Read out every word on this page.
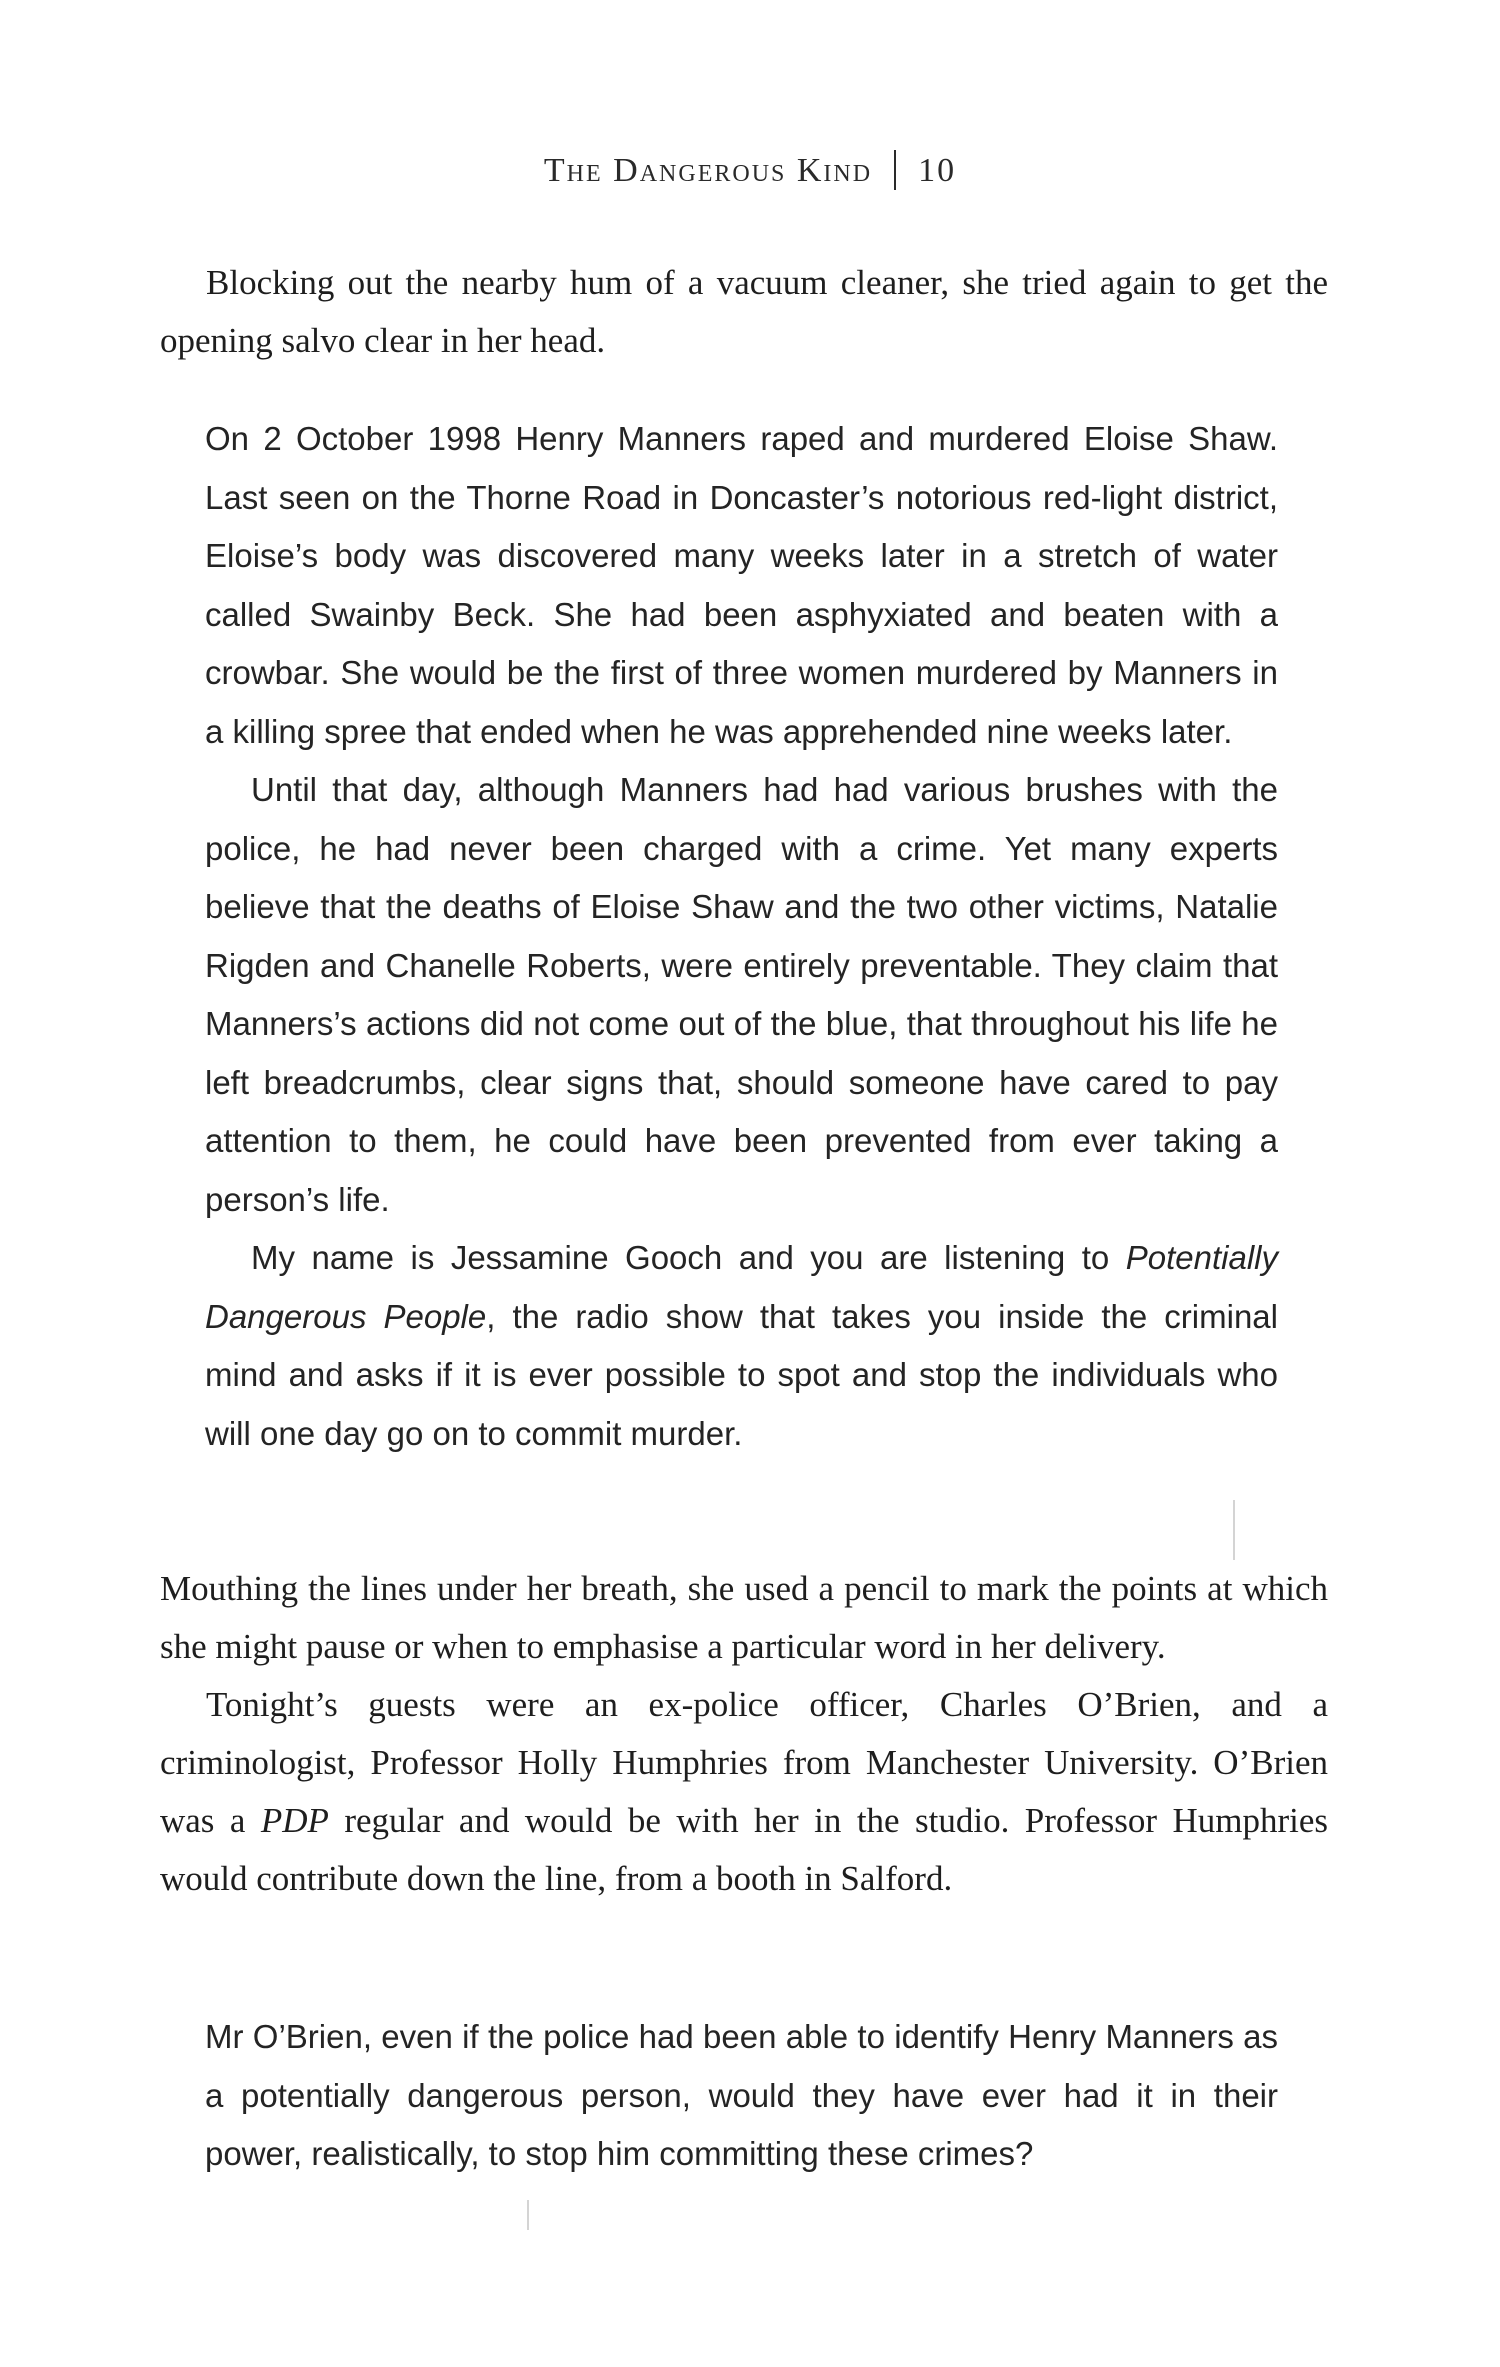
The Dangerous Kind 10

Blocking out the nearby hum of a vacuum cleaner, she tried again to get the opening salvo clear in her head.

On 2 October 1998 Henry Manners raped and murdered Eloise Shaw. Last seen on the Thorne Road in Doncaster’s notorious red-light district, Eloise’s body was discovered many weeks later in a stretch of water called Swainby Beck. She had been asphyxiated and beaten with a crowbar. She would be the first of three women murdered by Manners in a killing spree that ended when he was apprehended nine weeks later.

Until that day, although Manners had had various brushes with the police, he had never been charged with a crime. Yet many experts believe that the deaths of Eloise Shaw and the two other victims, Natalie Rigden and Chanelle Roberts, were entirely preventable. They claim that Manners’s actions did not come out of the blue, that throughout his life he left breadcrumbs, clear signs that, should someone have cared to pay attention to them, he could have been prevented from ever taking a person’s life.

My name is Jessamine Gooch and you are listening to Potentially Dangerous People, the radio show that takes you inside the criminal mind and asks if it is ever possible to spot and stop the individuals who will one day go on to commit murder.

Mouthing the lines under her breath, she used a pencil to mark the points at which she might pause or when to emphasise a particular word in her delivery.

Tonight’s guests were an ex-police officer, Charles O’Brien, and a criminologist, Professor Holly Humphries from Manchester University. O’Brien was a PDP regular and would be with her in the studio. Professor Humphries would contribute down the line, from a booth in Salford.

Mr O’Brien, even if the police had been able to identify Henry Manners as a potentially dangerous person, would they have ever had it in their power, realistically, to stop him committing these crimes?
